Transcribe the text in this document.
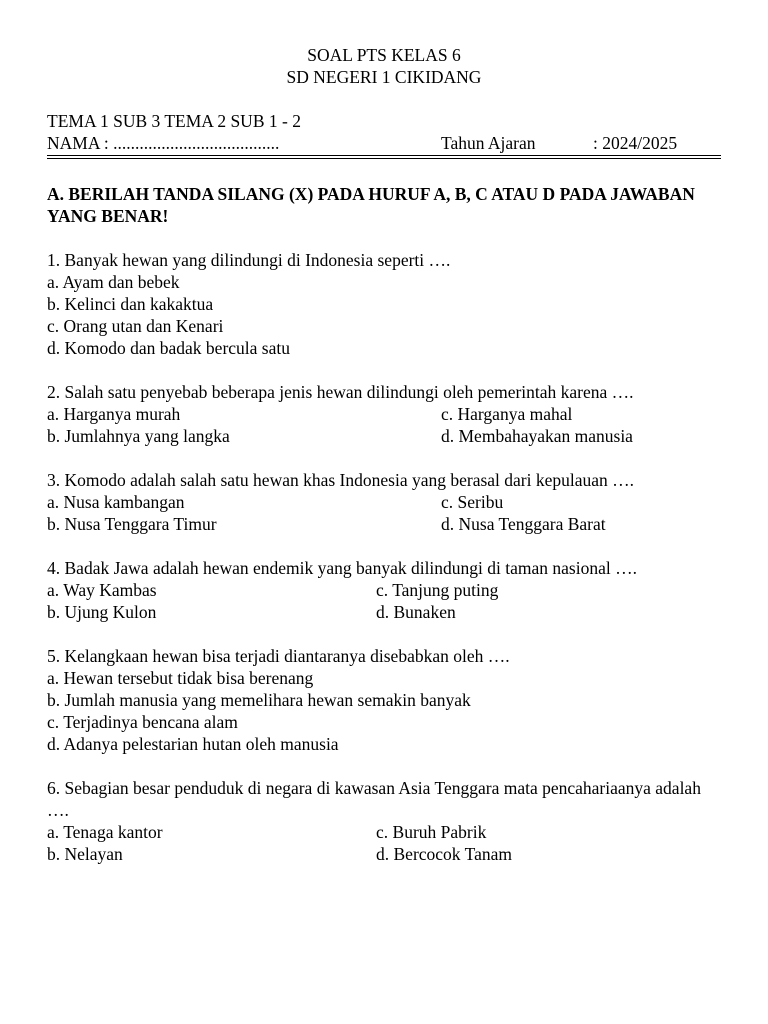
SOAL PTS KELAS 6
SD NEGERI 1 CIKIDANG
TEMA 1 SUB 3 TEMA 2 SUB 1 - 2
NAMA : ......................................	Tahun Ajaran	: 2024/2025
A. BERILAH TANDA SILANG (X) PADA HURUF A, B, C ATAU D PADA JAWABAN YANG BENAR!
1. Banyak hewan yang dilindungi di Indonesia seperti ….
a. Ayam dan bebek
b. Kelinci dan kakaktua
c. Orang utan dan Kenari
d. Komodo dan badak bercula satu
2. Salah satu penyebab beberapa jenis hewan dilindungi oleh pemerintah karena ….
a. Harganya murah	c. Harganya mahal
b. Jumlahnya yang langka	d. Membahayakan manusia
3. Komodo adalah salah satu hewan khas Indonesia yang berasal dari kepulauan ….
a. Nusa kambangan	c. Seribu
b. Nusa Tenggara Timur	d. Nusa Tenggara Barat
4. Badak Jawa adalah hewan endemik yang banyak dilindungi di taman nasional ….
a. Way Kambas	c. Tanjung puting
b. Ujung Kulon	d. Bunaken
5. Kelangkaan hewan bisa terjadi diantaranya disebabkan oleh ….
a. Hewan tersebut tidak bisa berenang
b. Jumlah manusia yang memelihara hewan semakin banyak
c. Terjadinya bencana alam
d. Adanya pelestarian hutan oleh manusia
6. Sebagian besar penduduk di negara di kawasan Asia Tenggara mata pencahariaanya adalah ….
a. Tenaga kantor	c. Buruh Pabrik
b. Nelayan	d. Bercocok Tanam
